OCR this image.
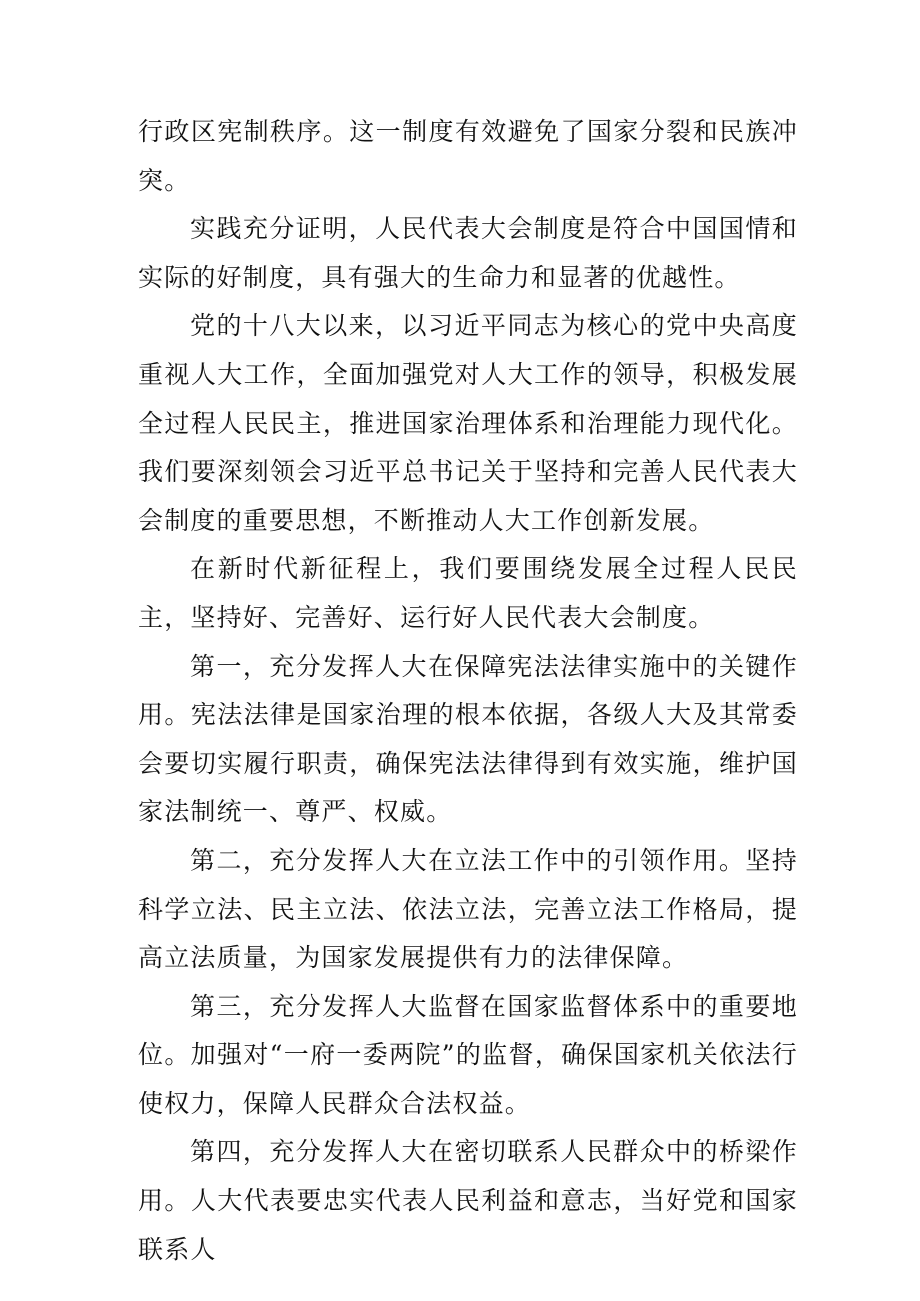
行政区宪制秩序。这一制度有效避免了国家分裂和民族冲突。

实践充分证明，人民代表大会制度是符合中国国情和实际的好制度，具有强大的生命力和显著的优越性。

党的十八大以来，以习近平同志为核心的党中央高度重视人大工作，全面加强党对人大工作的领导，积极发展全过程人民民主，推进国家治理体系和治理能力现代化。我们要深刻领会习近平总书记关于坚持和完善人民代表大会制度的重要思想，不断推动人大工作创新发展。

在新时代新征程上，我们要围绕发展全过程人民民主，坚持好、完善好、运行好人民代表大会制度。

第一，充分发挥人大在保障宪法法律实施中的关键作用。宪法法律是国家治理的根本依据，各级人大及其常委会要切实履行职责，确保宪法法律得到有效实施，维护国家法制统一、尊严、权威。

第二，充分发挥人大在立法工作中的引领作用。坚持科学立法、民主立法、依法立法，完善立法工作格局，提高立法质量，为国家发展提供有力的法律保障。

第三，充分发挥人大监督在国家监督体系中的重要地位。加强对“一府一委两院”的监督，确保国家机关依法行使权力，保障人民群众合法权益。

第四，充分发挥人大在密切联系人民群众中的桥梁作用。人大代表要忠实代表人民利益和意志，当好党和国家联系人
